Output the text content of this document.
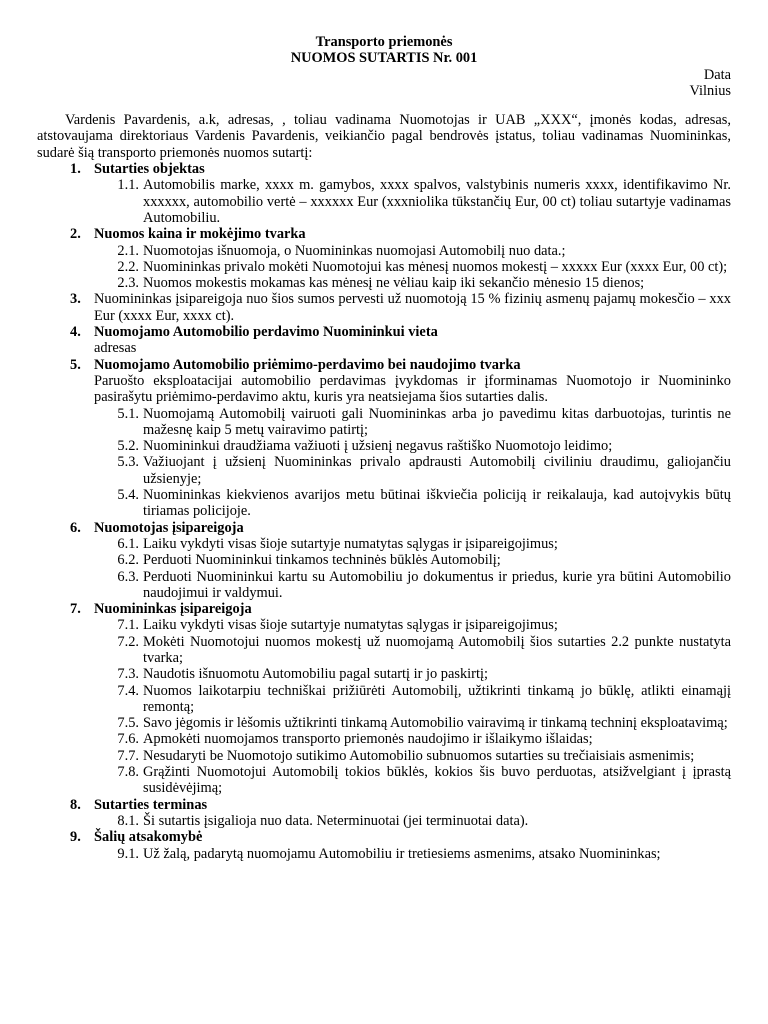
Transporto priemonės

NUOMOS SUTARTIS Nr. 001

Data

Vilnius

Vardenis Pavardenis, a.k, adresas, , toliau vadinama Nuomotojas ir UAB „XXX“, įmonės kodas, adresas, atstovaujama direktoriaus Vardenis Pavardenis, veikiančio pagal bendrovės įstatus, toliau vadinamas Nuomininkas, sudarė šią transporto priemonės nuomos sutartį:

1. Sutarties objektas
1.1. Automobilis marke, xxxx m. gamybos, xxxx spalvos, valstybinis numeris xxxx, identifikavimo Nr. xxxxxx, automobilio vertė – xxxxxx Eur (xxxniolika tūkstančių Eur, 00 ct) toliau sutartyje vadinamas Automobiliu.
2. Nuomos kaina ir mokėjimo tvarka
2.1. Nuomotojas išnuomoja, o Nuomininkas nuomojasi Automobilį nuo data.;
2.2. Nuomininkas privalo mokėti Nuomotojui kas mėnesį nuomos mokestį – xxxxx Eur (xxxx Eur, 00 ct);
2.3. Nuomos mokestis mokamas kas mėnesį ne vėliau kaip iki sekančio mėnesio 15 dienos;
3. Nuomininkas įsipareigoja nuo šios sumos pervesti už nuomotoją 15 % fizinių asmenų pajamų mokesčio – xxx Eur (xxxx Eur, xxxx ct).
4. Nuomojamo Automobilio perdavimo Nuomininkui vieta

adresas

5. Nuomojamo Automobilio priėmimo-perdavimo bei naudojimo tvarka

Paruošto eksploatacijai automobilio perdavimas įvykdomas ir įforminamas Nuomotojo ir Nuomininko pasirašytu priėmimo-perdavimo aktu, kuris yra neatsiejama šios sutarties dalis.

5.1. Nuomojamą Automobilį vairuoti gali Nuomininkas arba jo pavedimu kitas darbuotojas, turintis ne mažesnę kaip 5 metų vairavimo patirtį;
5.2. Nuomininkui draudžiama važiuoti į užsienį negavus raštiško Nuomotojo leidimo;
5.3. Važiuojant į užsienį Nuomininkas privalo apdrausti Automobilį civiliniu draudimu, galiojančiu užsienyje;
5.4. Nuomininkas kiekvienos avarijos metu būtinai iškviečia policiją ir reikalauja, kad autoįvykis būtų tiriamas policijoje.
6. Nuomotojas įsipareigoja
6.1. Laiku vykdyti visas šioje sutartyje numatytas sąlygas ir įsipareigojimus;
6.2. Perduoti Nuomininkui tinkamos techninės būklės Automobilį;
6.3. Perduoti Nuomininkui kartu su Automobiliu jo dokumentus ir priedus, kurie yra būtini Automobilio naudojimui ir valdymui.
7. Nuomininkas įsipareigoja
7.1. Laiku vykdyti visas šioje sutartyje numatytas sąlygas ir įsipareigojimus;
7.2. Mokėti Nuomotojui nuomos mokestį už nuomojamą Automobilį šios sutarties 2.2 punkte nustatyta tvarka;
7.3. Naudotis išnuomotu Automobiliu pagal sutartį ir jo paskirtį;
7.4. Nuomos laikotarpiu techniškai prižiūrėti Automobilį, užtikrinti tinkamą jo būklę, atlikti einamąjį remontą;
7.5. Savo jėgomis ir lėšomis užtikrinti tinkamą Automobilio vairavimą ir tinkamą techninį eksploatavimą;
7.6. Apmokėti nuomojamos transporto priemonės naudojimo ir išlaikymo išlaidas;
7.7. Nesudaryti be Nuomotojo sutikimo Automobilio subnuomos sutarties su trečiaisiais asmenimis;
7.8. Grąžinti Nuomotojui Automobilį tokios būklės, kokios šis buvo perduotas, atsižvelgiant į įprastą susidėvėjimą;
8. Sutarties terminas
8.1. Ši sutartis įsigalioja nuo data. Neterminuotai (jei terminuotai data).
9. Šalių atsakomybė
9.1. Už žalą, padarytą nuomojamu Automobiliu ir tretiesiems asmenims, atsako Nuomininkas;
